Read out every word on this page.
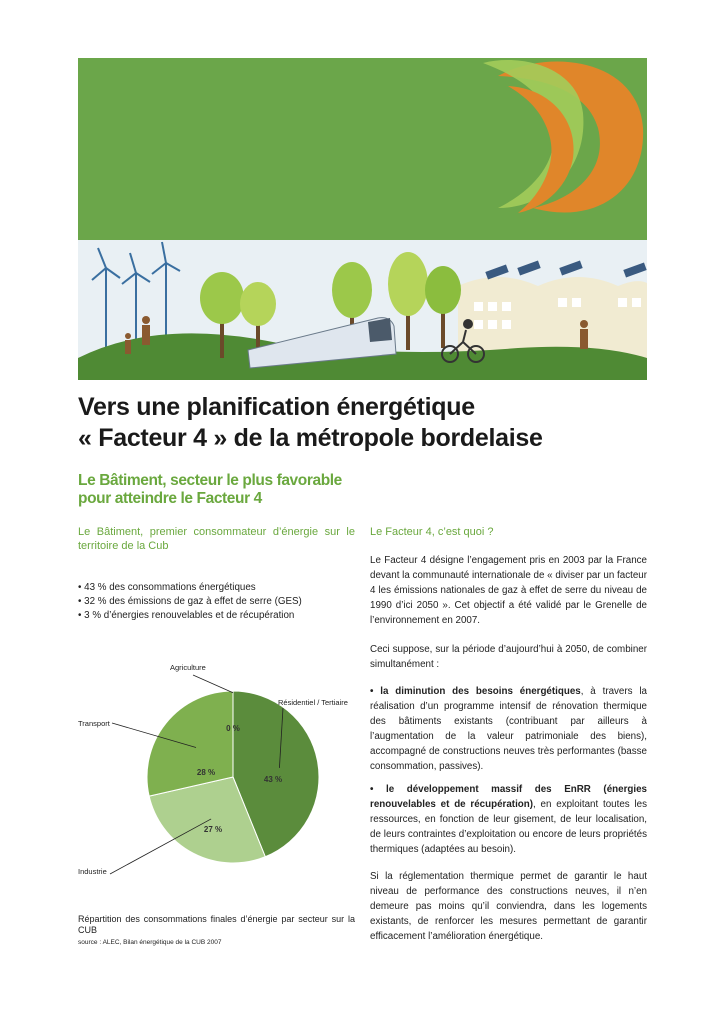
Vers une planification énergétique
« Facteur 4 » de la métropole bordelaise
Le Bâtiment, secteur le plus favorable
pour atteindre le Facteur 4
Le Bâtiment, premier consommateur d’énergie sur le territoire de la Cub
• 43 % des consommations énergétiques
• 32 % des émissions de gaz à effet de serre (GES)
• 3 % d’énergies renouvelables et de récupération
Résidentiel / Tertiaire
43 %
Industrie
27 %
Transport
28 %
Agriculture
0 %

Répartition des consommations finales d’énergie par secteur sur la CUB

source : ALEC, Bilan énergétique de la CUB 2007

Le Facteur 4, c’est quoi ?

Le Facteur 4 désigne l’engagement pris en 2003 par la France devant la communauté internationale de « diviser par un facteur 4 les émissions nationales de gaz à effet de serre du niveau de 1990 d’ici 2050 ». Cet objectif a été validé par le Grenelle de l’environnement en 2007.

Ceci suppose, sur la période d’aujourd’hui à 2050, de combiner simultanément :

• la diminution des besoins énergétiques, à travers la réalisation d’un programme intensif de rénovation thermique des bâtiments existants (contribuant par ailleurs à l’augmentation de la valeur patrimoniale des biens), accompagné de constructions neuves très performantes (basse consommation, passives).

• le développement massif des EnRR (énergies renouvelables et de récupération), en exploitant toutes les ressources, en fonction de leur gisement, de leur localisation, de leurs contraintes d’exploitation ou encore de leurs propriétés thermiques (adaptées au besoin).

Si la réglementation thermique permet de garantir le haut niveau de performance des constructions neuves, il n’en demeure pas moins qu’il conviendra, dans les logements existants, de renforcer les mesures permettant de garantir efficacement l’amélioration énergétique.
